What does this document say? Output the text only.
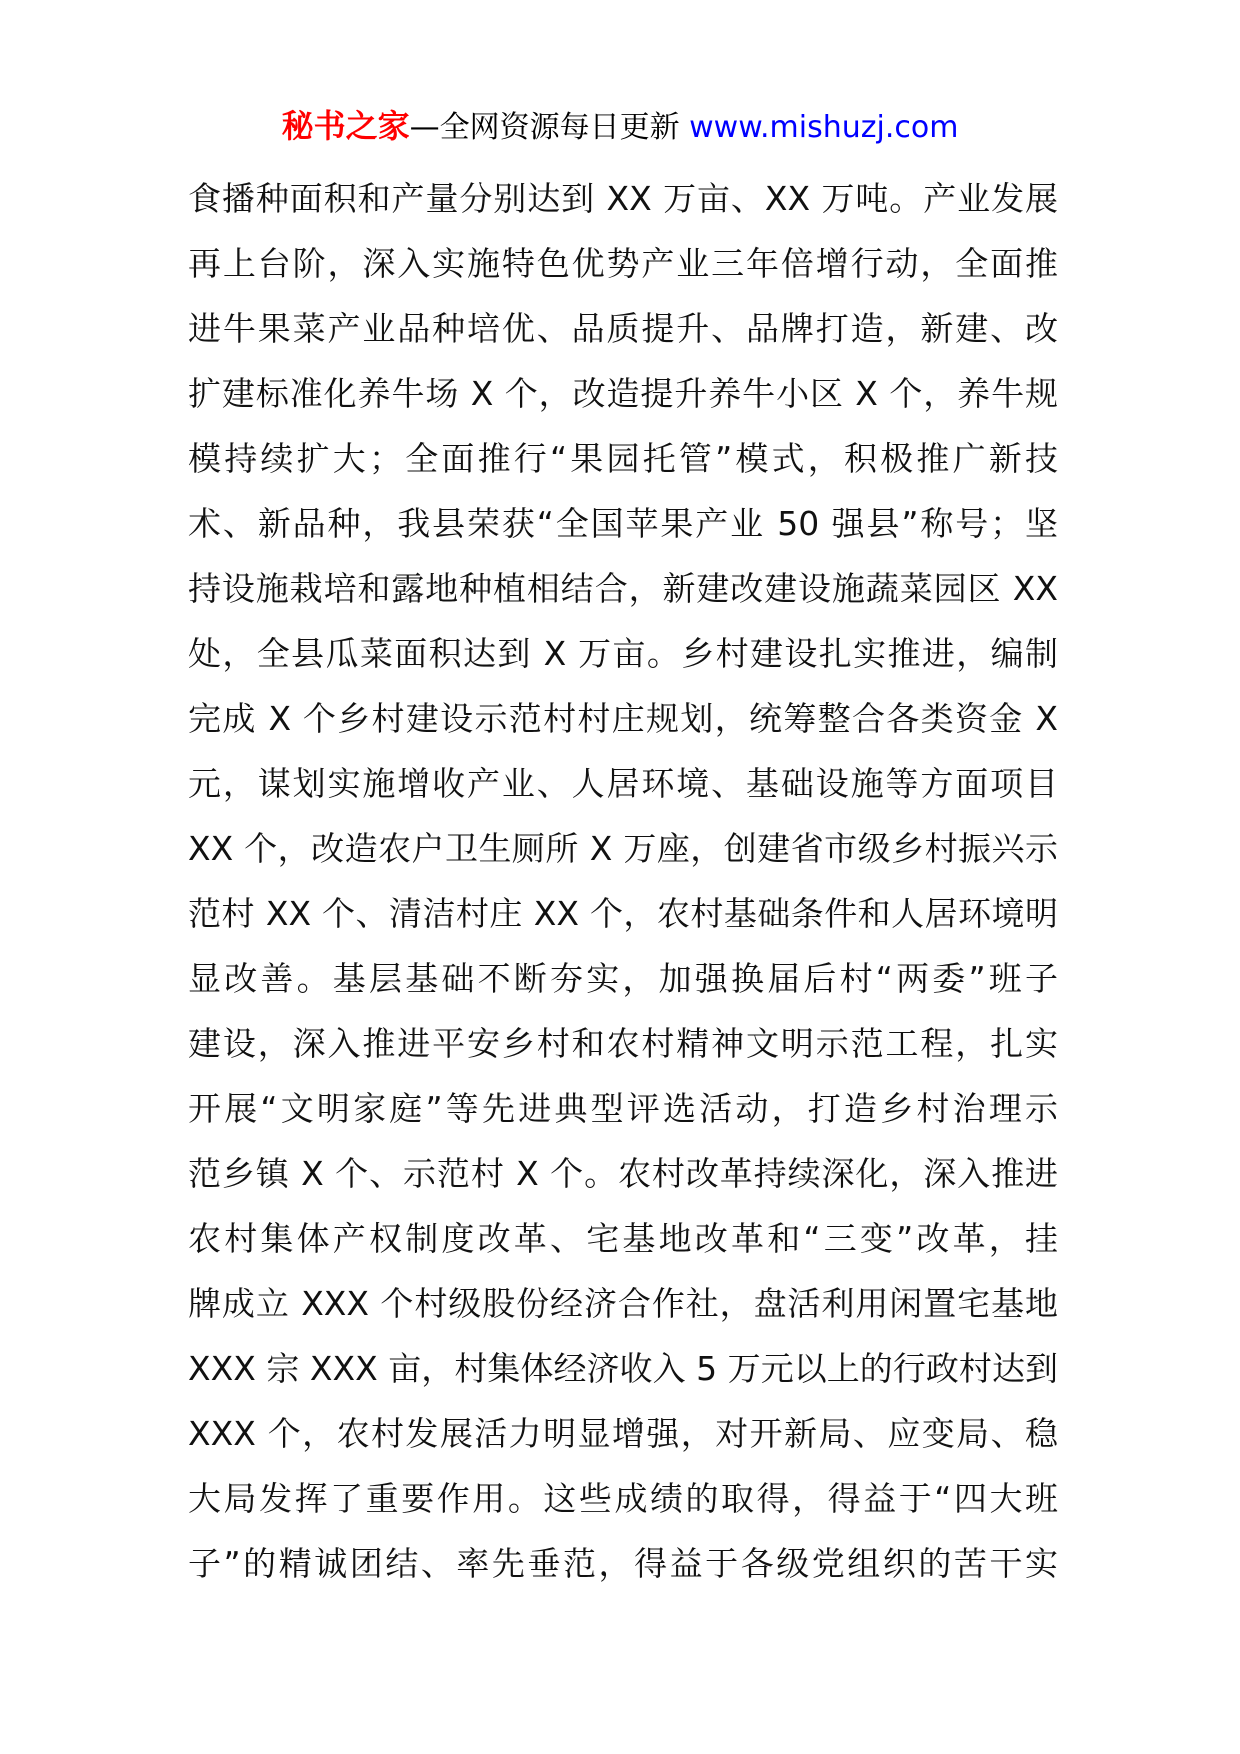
秘书之家—全网资源每日更新 www.mishuzj.com
食播种面积和产量分别达到 XX 万亩、XX 万吨。产业发展
再上台阶，深入实施特色优势产业三年倍增行动，全面推
进牛果菜产业品种培优、品质提升、品牌打造，新建、改
扩建标准化养牛场 X 个，改造提升养牛小区 X 个，养牛规
模持续扩大；全面推行“果园托管”模式，积极推广新技
术、新品种，我县荣获“全国苹果产业 50 强县”称号；坚
持设施栽培和露地种植相结合，新建改建设施蔬菜园区 XX
处，全县瓜菜面积达到 X 万亩。乡村建设扎实推进，编制
完成 X 个乡村建设示范村村庄规划，统筹整合各类资金 X
元，谋划实施增收产业、人居环境、基础设施等方面项目
XX 个，改造农户卫生厕所 X 万座，创建省市级乡村振兴示
范村 XX 个、清洁村庄 XX 个，农村基础条件和人居环境明
显改善。基层基础不断夯实，加强换届后村“两委”班子
建设，深入推进平安乡村和农村精神文明示范工程，扎实
开展“文明家庭”等先进典型评选活动，打造乡村治理示
范乡镇 X 个、示范村 X 个。农村改革持续深化，深入推进
农村集体产权制度改革、宅基地改革和“三变”改革，挂
牌成立 XXX 个村级股份经济合作社，盘活利用闲置宅基地
XXX 宗 XXX 亩，村集体经济收入 5 万元以上的行政村达到
XXX 个，农村发展活力明显增强，对开新局、应变局、稳
大局发挥了重要作用。这些成绩的取得，得益于“四大班
子”的精诚团结、率先垂范，得益于各级党组织的苦干实
